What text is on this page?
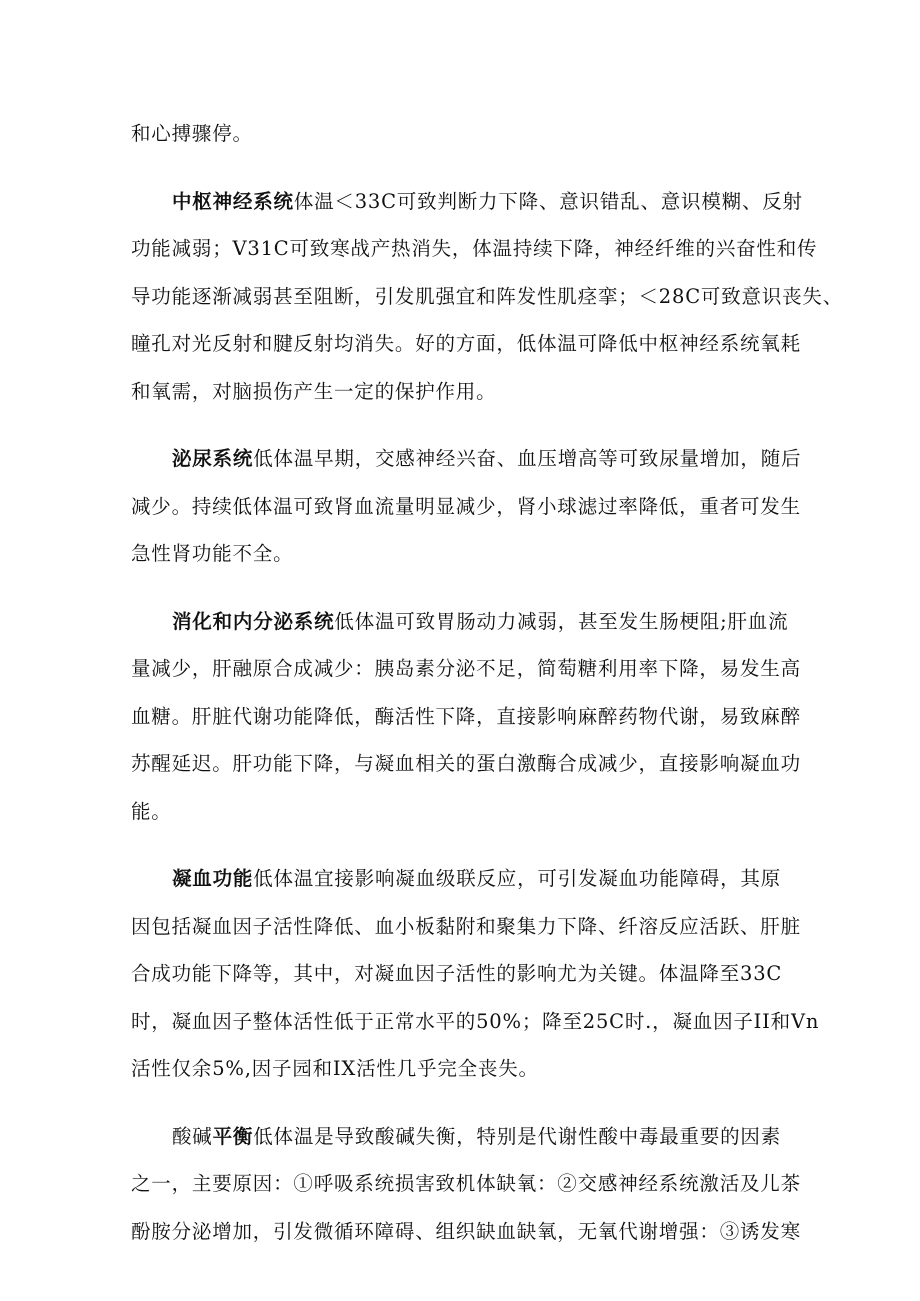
和心搏骤停。

中枢神经系统体温＜33C可致判断力下降、意识错乱、意识模糊、反射
功能减弱；V31C可致寒战产热消失，体温持续下降，神经纤维的兴奋性和传
导功能逐渐减弱甚至阻断，引发肌强宜和阵发性肌痉挛；＜28C可致意识丧失、
瞳孔对光反射和腱反射均消失。好的方面，低体温可降低中枢神经系统氧耗
和氧需，对脑损伤产生一定的保护作用。

泌尿系统低体温早期，交感神经兴奋、血压增高等可致尿量增加，随后
减少。持续低体温可致肾血流量明显减少，肾小球滤过率降低，重者可发生
急性肾功能不全。

消化和内分泌系统低体温可致胃肠动力减弱，甚至发生肠梗阻;肝血流
量减少，肝融原合成减少：胰岛素分泌不足，简萄糖利用率下降，易发生高
血糖。肝脏代谢功能降低，酶活性下降，直接影响麻醉药物代谢，易致麻醉
苏醒延迟。肝功能下降，与凝血相关的蛋白激酶合成减少，直接影响凝血功
能。

凝血功能低体温宜接影响凝血级联反应，可引发凝血功能障碍，其原
因包括凝血因子活性降低、血小板黏附和聚集力下降、纤溶反应活跃、肝脏
合成功能下降等，其中，对凝血因子活性的影响尤为关键。体温降至33C
时，凝血因子整体活性低于正常水平的50%；降至25C时.，凝血因子II和Vn
活性仅余5%,因子园和IX活性几乎完全丧失。

酸碱平衡低体温是导致酸碱失衡，特别是代谢性酸中毒最重要的因素
之一，主要原因：①呼吸系统损害致机体缺氧：②交感神经系统激活及儿茶
酚胺分泌增加，引发微循环障碍、组织缺血缺氧，无氧代谢增强：③诱发寒
